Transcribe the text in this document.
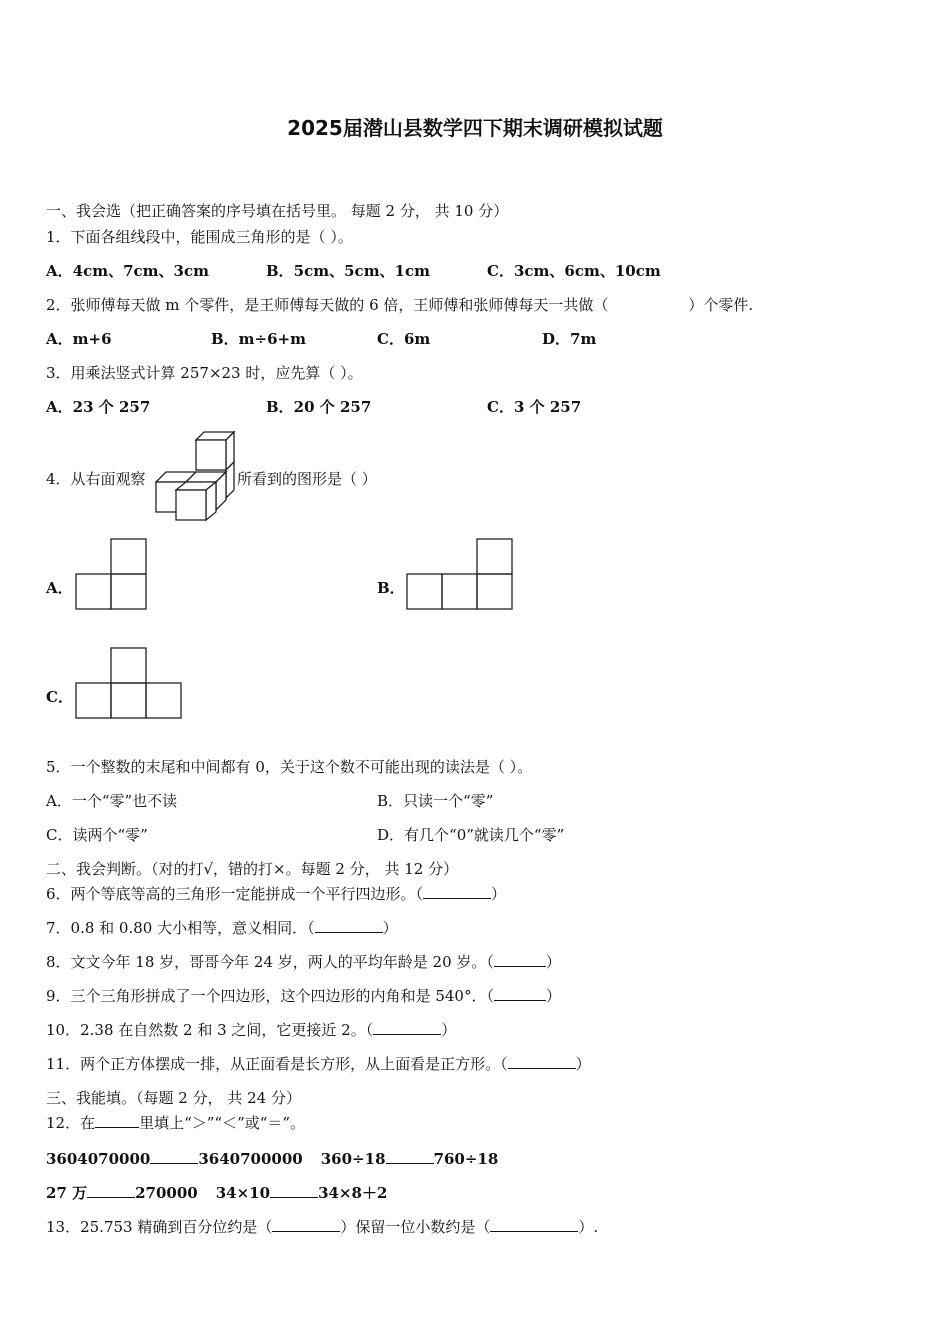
2025届潜山县数学四下期末调研模拟试题
一、我会选（把正确答案的序号填在括号里。 每题 2 分， 共 10 分）
1．下面各组线段中，能围成三角形的是（ ）。
A．4cm、7cm、3cm	B．5cm、5cm、1cm	C．3cm、6cm、10cm
2．张师傅每天做 m 个零件，是王师傅每天做的 6 倍，王师傅和张师傅每天一共做（	）个零件.
A．m+6	B．m÷6+m	C．6m	D．7m
3．用乘法竖式计算 257×23 时，应先算（ ）。
A．23 个 257	B．20 个 257	C．3 个 257
4．从右面观察	所看到的图形是（ ）
A．	B．
C．
5．一个整数的末尾和中间都有 0，关于这个数不可能出现的读法是（ ）。
A．一个“零”也不读	B．只读一个“零”
C．读两个“零”	D．有几个“0”就读几个“零”
二、我会判断。（对的打√，错的打×。每题 2 分， 共 12 分）
6．两个等底等高的三角形一定能拼成一个平行四边形。（	）
7．0.8 和 0.80 大小相等，意义相同．（	）
8．文文今年 18 岁，哥哥今年 24 岁，两人的平均年龄是 20 岁。（	）
9．三个三角形拼成了一个四边形，这个四边形的内角和是 540°．（	）
10．2.38 在自然数 2 和 3 之间，它更接近 2。（	）
11．两个正方体摆成一排，从正面看是长方形，从上面看是正方形。（	）
三、我能填。（每题 2 分， 共 24 分）
12．在	里填上“＞”“＜”或“＝”。
3604070000	3640700000 360÷18	760÷18
27 万	270000 34×10	34×8＋2
13．25.753 精确到百分位约是（	）保留一位小数约是（	）.
